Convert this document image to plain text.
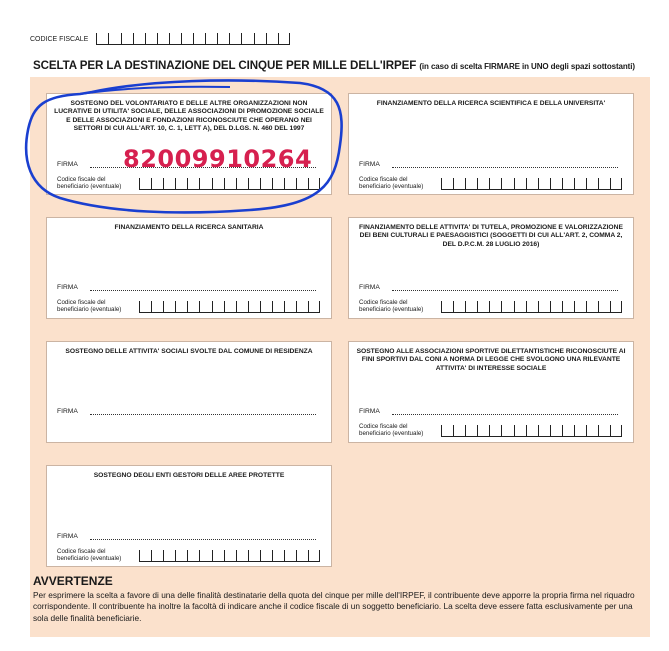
CODICE FISCALE
SCELTA PER LA DESTINAZIONE DEL CINQUE PER MILLE DELL'IRPEF (in caso di scelta FIRMARE in UNO degli spazi sottostanti)
SOSTEGNO DEL VOLONTARIATO E DELLE ALTRE ORGANIZZAZIONI NON LUCRATIVE DI UTILITA' SOCIALE, DELLE ASSOCIAZIONI DI PROMOZIONE SOCIALE E DELLE ASSOCIAZIONI E FONDAZIONI RICONOSCIUTE CHE OPERANO NEI SETTORI DI CUI ALL'ART. 10, C. 1, LETT A), DEL D.LGS. N. 460 DEL 1997
FIRMA
Codice fiscale del
beneficiario (eventuale)
FINANZIAMENTO DELLA RICERCA SCIENTIFICA E DELLA UNIVERSITA'
FIRMA
Codice fiscale del
beneficiario (eventuale)
FINANZIAMENTO DELLA RICERCA SANITARIA
FIRMA
Codice fiscale del
beneficiario (eventuale)
FINANZIAMENTO DELLE ATTIVITA' DI TUTELA, PROMOZIONE E VALORIZZAZIONE DEI BENI CULTURALI E PAESAGGISTICI (SOGGETTI DI CUI ALL'ART. 2, COMMA 2, DEL D.P.C.M. 28 LUGLIO 2016)
FIRMA
Codice fiscale del
beneficiario (eventuale)
SOSTEGNO DELLE ATTIVITA' SOCIALI SVOLTE DAL COMUNE DI RESIDENZA
FIRMA
SOSTEGNO ALLE ASSOCIAZIONI SPORTIVE DILETTANTISTICHE RICONOSCIUTE AI FINI SPORTIVI DAL CONI A NORMA DI LEGGE CHE SVOLGONO UNA RILEVANTE ATTIVITA' DI INTERESSE SOCIALE
FIRMA
Codice fiscale del
beneficiario (eventuale)
SOSTEGNO DEGLI ENTI GESTORI DELLE AREE PROTETTE
FIRMA
Codice fiscale del
beneficiario (eventuale)
82009910264
AVVERTENZE
Per esprimere la scelta a favore di una delle finalità destinatarie della quota del cinque per mille dell'IRPEF, il contribuente deve apporre la propria firma nel riquadro corrispondente. Il contribuente ha inoltre la facoltà di indicare anche il codice fiscale di un soggetto beneficiario. La scelta deve essere fatta esclusivamente per una sola delle finalità beneficiarie.
